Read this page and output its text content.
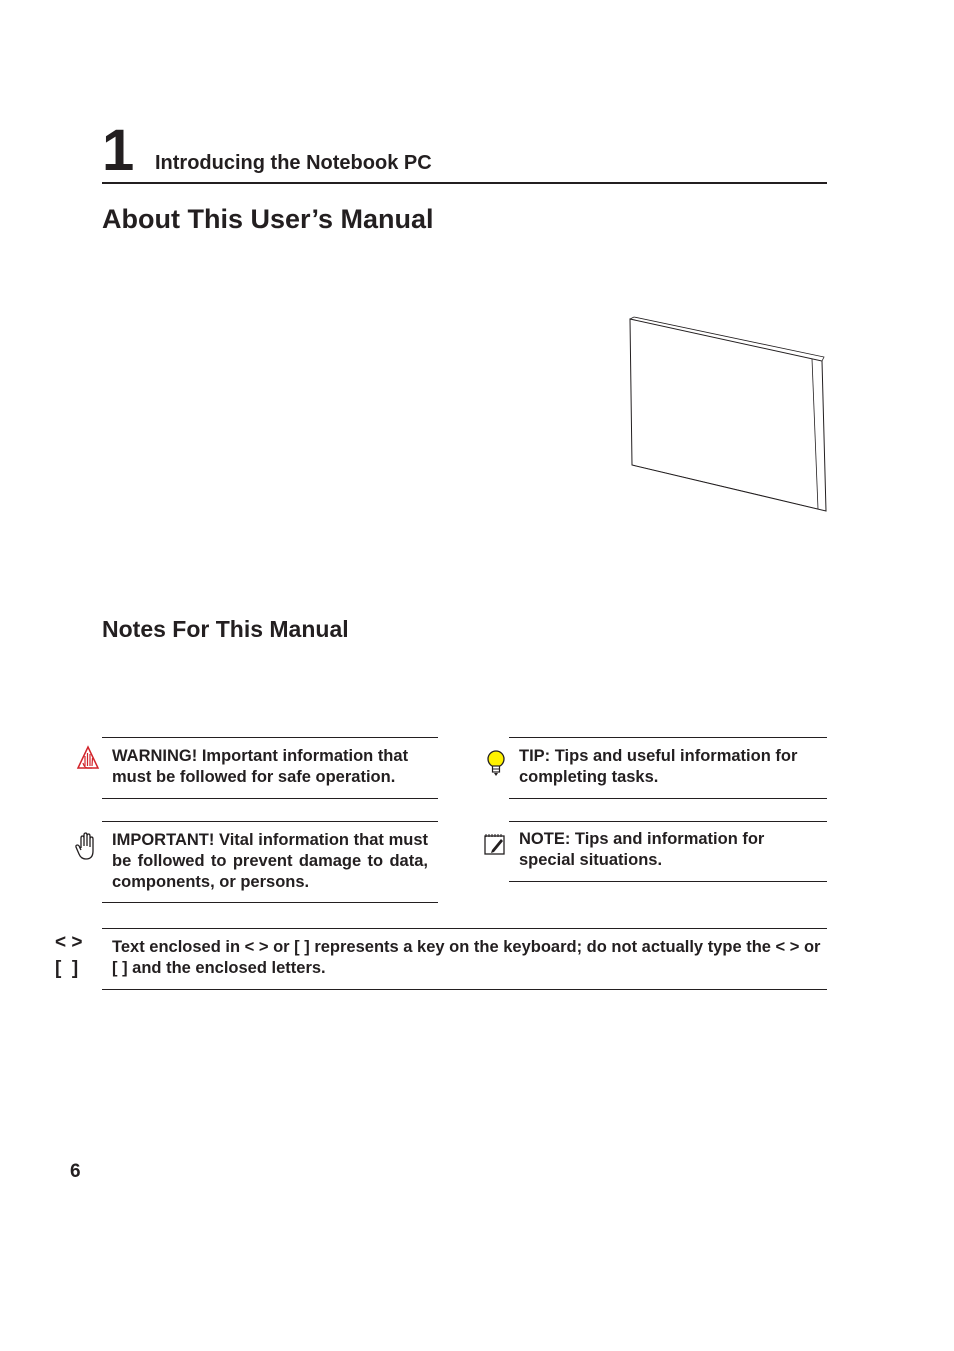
1 Introducing the Notebook PC
About This User’s Manual
Notes For This Manual
WARNING! Important information that must be followed for safe operation.
TIP: Tips and useful information for completing tasks.
IMPORTANT! Vital information that must be followed to prevent damage to data, components, or persons.
NOTE: Tips and information for special situations.
< >
[  ]
Text enclosed in < > or [ ] represents a key on the keyboard; do not actually type the < > or [ ] and the enclosed letters.
6
